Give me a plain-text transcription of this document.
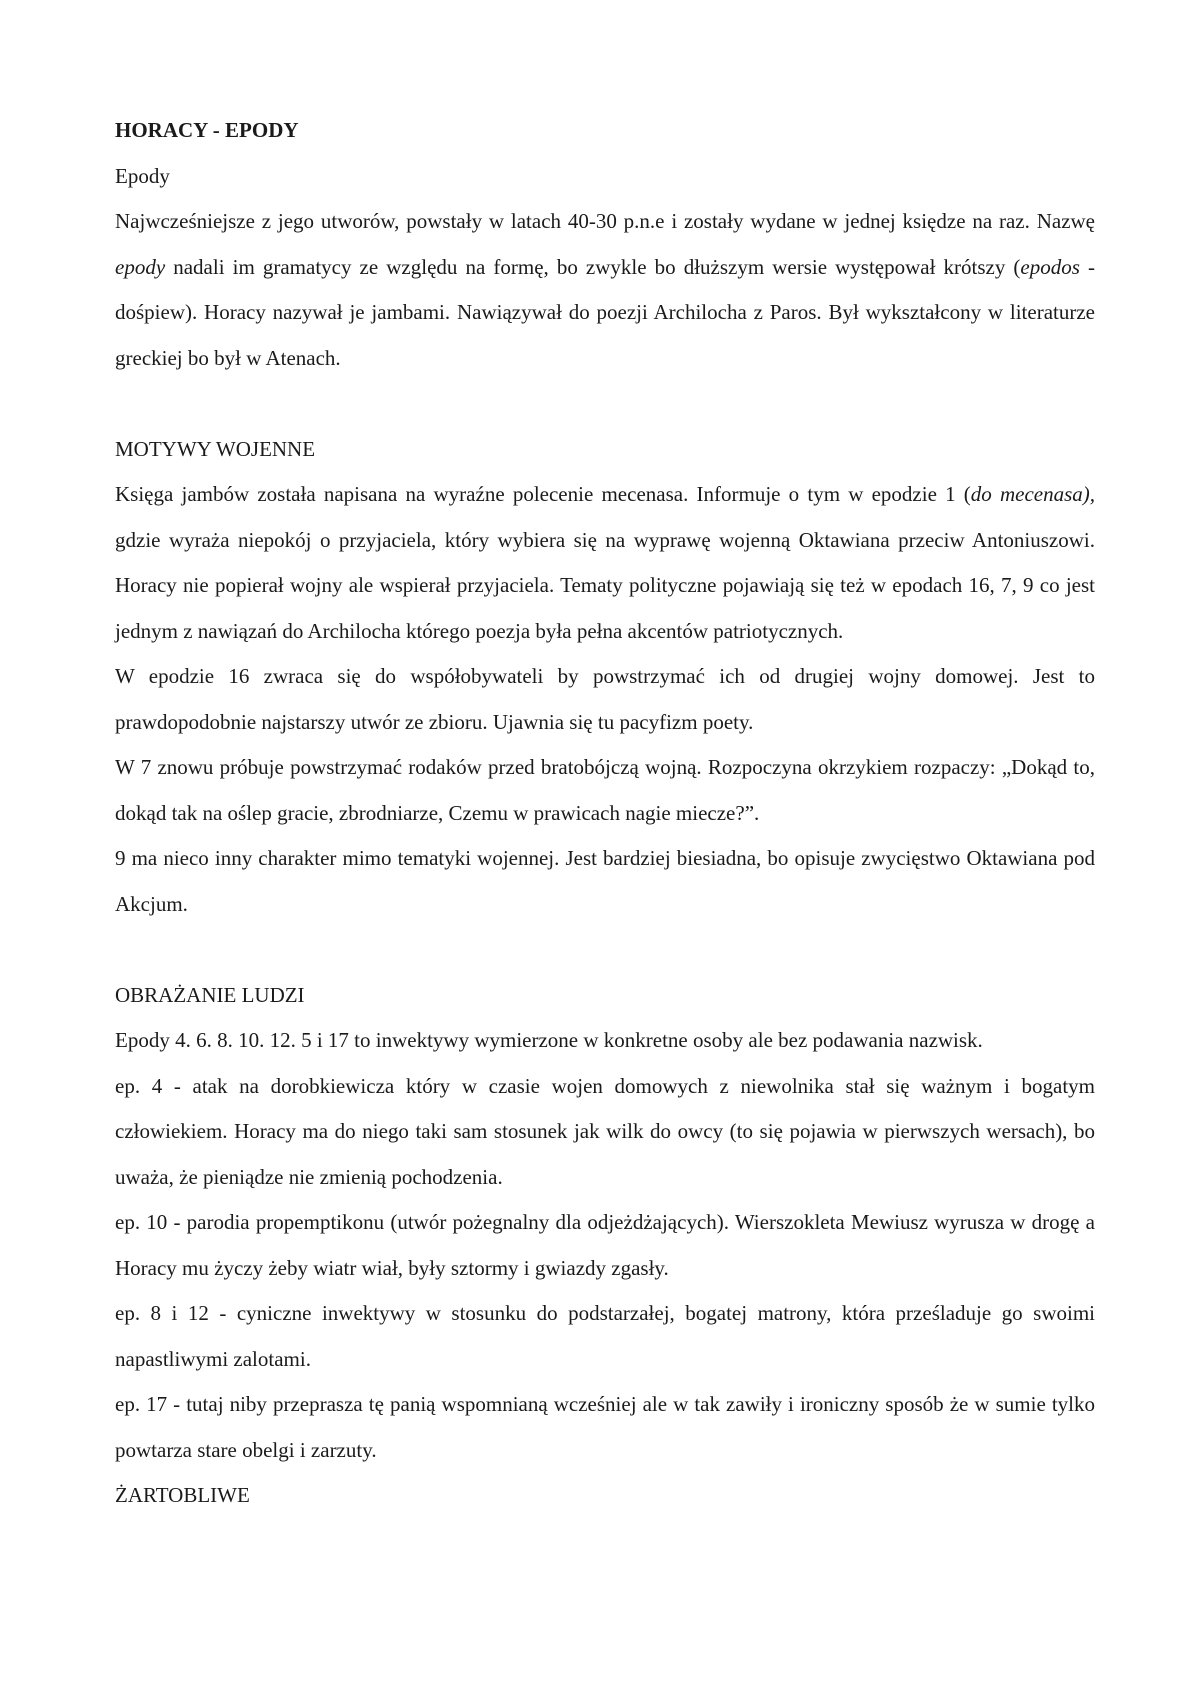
HORACY - EPODY

Epody

Najwcześniejsze z jego utworów, powstały w latach 40-30 p.n.e i zostały wydane w jednej księdze na raz. Nazwę epody nadali im gramatycy ze względu na formę, bo zwykle bo dłuższym wersie występował krótszy (epodos - dośpiew). Horacy nazywał je jambami. Nawiązywał do poezji Archilocha z Paros. Był wykształcony w literaturze greckiej bo był w Atenach.

MOTYWY WOJENNE

Księga jambów została napisana na wyraźne polecenie mecenasa. Informuje o tym w epodzie 1 (do mecenasa), gdzie wyraża niepokój o przyjaciela, który wybiera się na wyprawę wojenną Oktawiana przeciw Antoniuszowi. Horacy nie popierał wojny ale wspierał przyjaciela. Tematy polityczne pojawiają się też w epodach 16, 7, 9 co jest jednym z nawiązań do Archilocha którego poezja była pełna akcentów patriotycznych.

W epodzie 16 zwraca się do współobywateli by powstrzymać ich od drugiej wojny domowej. Jest to prawdopodobnie najstarszy utwór ze zbioru. Ujawnia się tu pacyfizm poety.

W 7 znowu próbuje powstrzymać rodaków przed bratobójczą wojną. Rozpoczyna okrzykiem rozpaczy: „Dokąd to, dokąd tak na oślep gracie, zbrodniarze, Czemu w prawicach nagie miecze?”.

9 ma nieco inny charakter mimo tematyki wojennej. Jest bardziej biesiadna, bo opisuje zwycięstwo Oktawiana pod Akcjum.

OBRAŻANIE LUDZI

Epody 4. 6. 8. 10. 12. 5 i 17 to inwektywy wymierzone w konkretne osoby ale bez podawania nazwisk.

ep. 4 - atak na dorobkiewicza który w czasie wojen domowych z niewolnika stał się ważnym i bogatym człowiekiem. Horacy ma do niego taki sam stosunek jak wilk do owcy (to się pojawia w pierwszych wersach), bo uważa, że pieniądze nie zmienią pochodzenia.

ep. 10 - parodia propemptikonu (utwór pożegnalny dla odjeżdżających). Wierszokleta Mewiusz wyrusza w drogę a Horacy mu życzy żeby wiatr wiał, były sztormy i gwiazdy zgasły.

ep. 8 i 12 - cyniczne inwektywy w stosunku do podstarzałej, bogatej matrony, która prześladuje go swoimi napastliwymi zalotami.

ep. 17 - tutaj niby przeprasza tę panią wspomnianą wcześniej ale w tak zawiły i ironiczny sposób że w sumie tylko powtarza stare obelgi i zarzuty.

ŻARTOBLIWE
